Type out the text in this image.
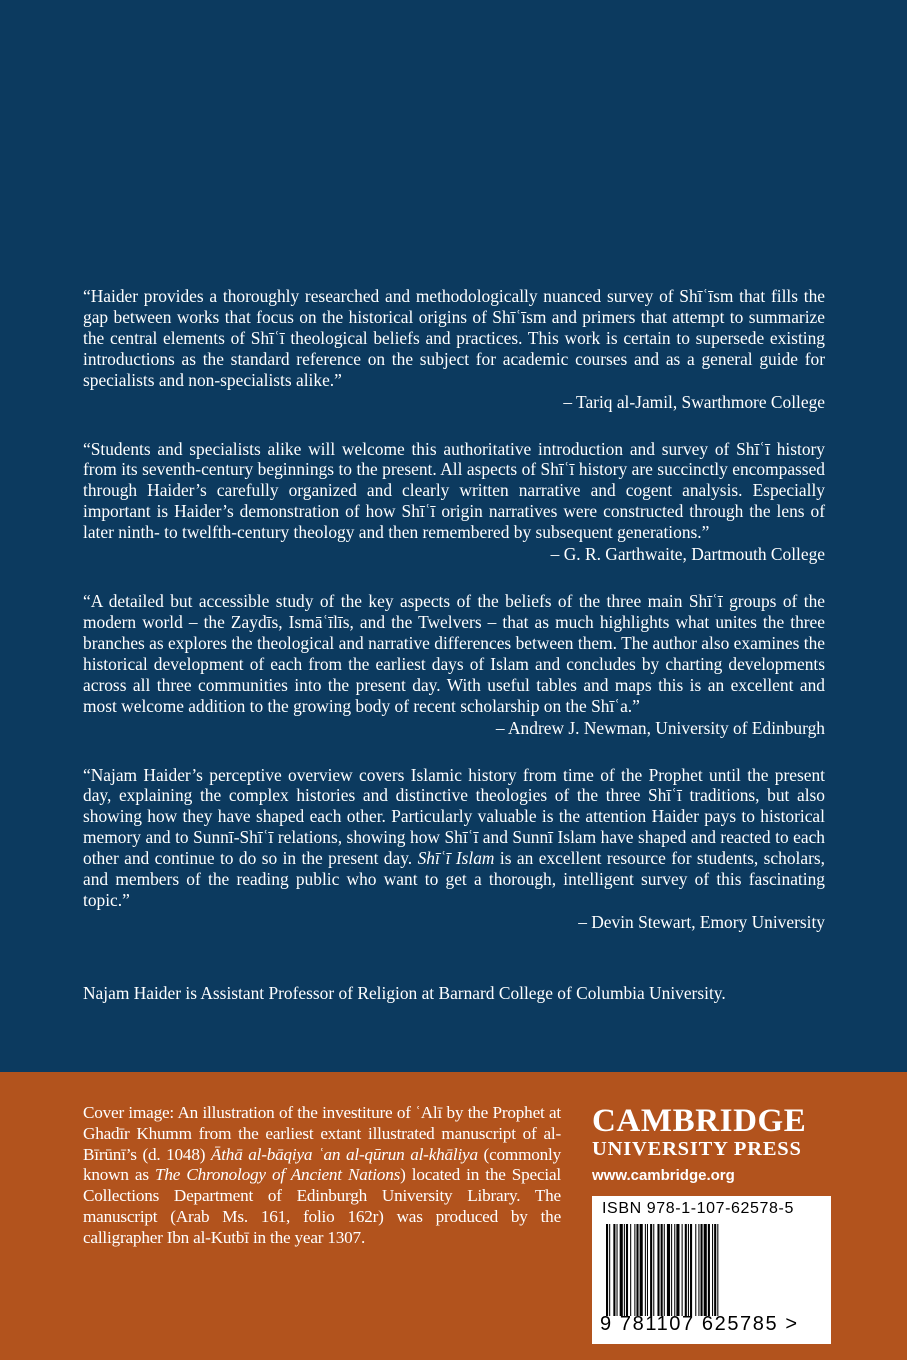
“Haider provides a thoroughly researched and methodologically nuanced survey of Shīʿīsm that fills the gap between works that focus on the historical origins of Shīʿīsm and primers that attempt to summarize the central elements of Shīʿī theological beliefs and practices. This work is certain to supersede existing introductions as the standard reference on the subject for academic courses and as a general guide for specialists and non-specialists alike.”

– Tariq al-Jamil, Swarthmore College

“Students and specialists alike will welcome this authoritative introduction and survey of Shīʿī history from its seventh-century beginnings to the present. All aspects of Shīʿī history are succinctly encompassed through Haider’s carefully organized and clearly written narrative and cogent analysis. Especially important is Haider’s demonstration of how Shīʿī origin narratives were constructed through the lens of later ninth- to twelfth-century theology and then remembered by subsequent generations.”

– G. R. Garthwaite, Dartmouth College

“A detailed but accessible study of the key aspects of the beliefs of the three main Shīʿī groups of the modern world – the Zaydīs, Ismāʿīlīs, and the Twelvers – that as much highlights what unites the three branches as explores the theological and narrative differences between them. The author also examines the historical development of each from the earliest days of Islam and concludes by charting developments across all three communities into the present day. With useful tables and maps this is an excellent and most welcome addition to the growing body of recent scholarship on the Shīʿa.”

– Andrew J. Newman, University of Edinburgh

“Najam Haider’s perceptive overview covers Islamic history from time of the Prophet until the present day, explaining the complex histories and distinctive theologies of the three Shīʿī traditions, but also showing how they have shaped each other. Particularly valuable is the attention Haider pays to historical memory and to Sunnī-Shīʿī relations, showing how Shīʿī and Sunnī Islam have shaped and reacted to each other and continue to do so in the present day. Shīʿī Islam is an excellent resource for students, scholars, and members of the reading public who want to get a thorough, intelligent survey of this fascinating topic.”

– Devin Stewart, Emory University
Najam Haider is Assistant Professor of Religion at Barnard College of Columbia University.
Cover image: An illustration of the investiture of ʿAlī by the Prophet at Ghadīr Khumm from the earliest extant illustrated manuscript of al-Bīrūnī’s (d. 1048) Āthā al-bāqiya ʿan al-qūrun al-khāliya (commonly known as The Chronology of Ancient Nations) located in the Special Collections Department of Edinburgh University Library. The manuscript (Arab Ms. 161, folio 162r) was produced by the calligrapher Ibn al-Kutbī in the year 1307.
CAMBRIDGE
UNIVERSITY PRESS
www.cambridge.org
ISBN 978-1-107-62578-5
9 781107 625785 >
